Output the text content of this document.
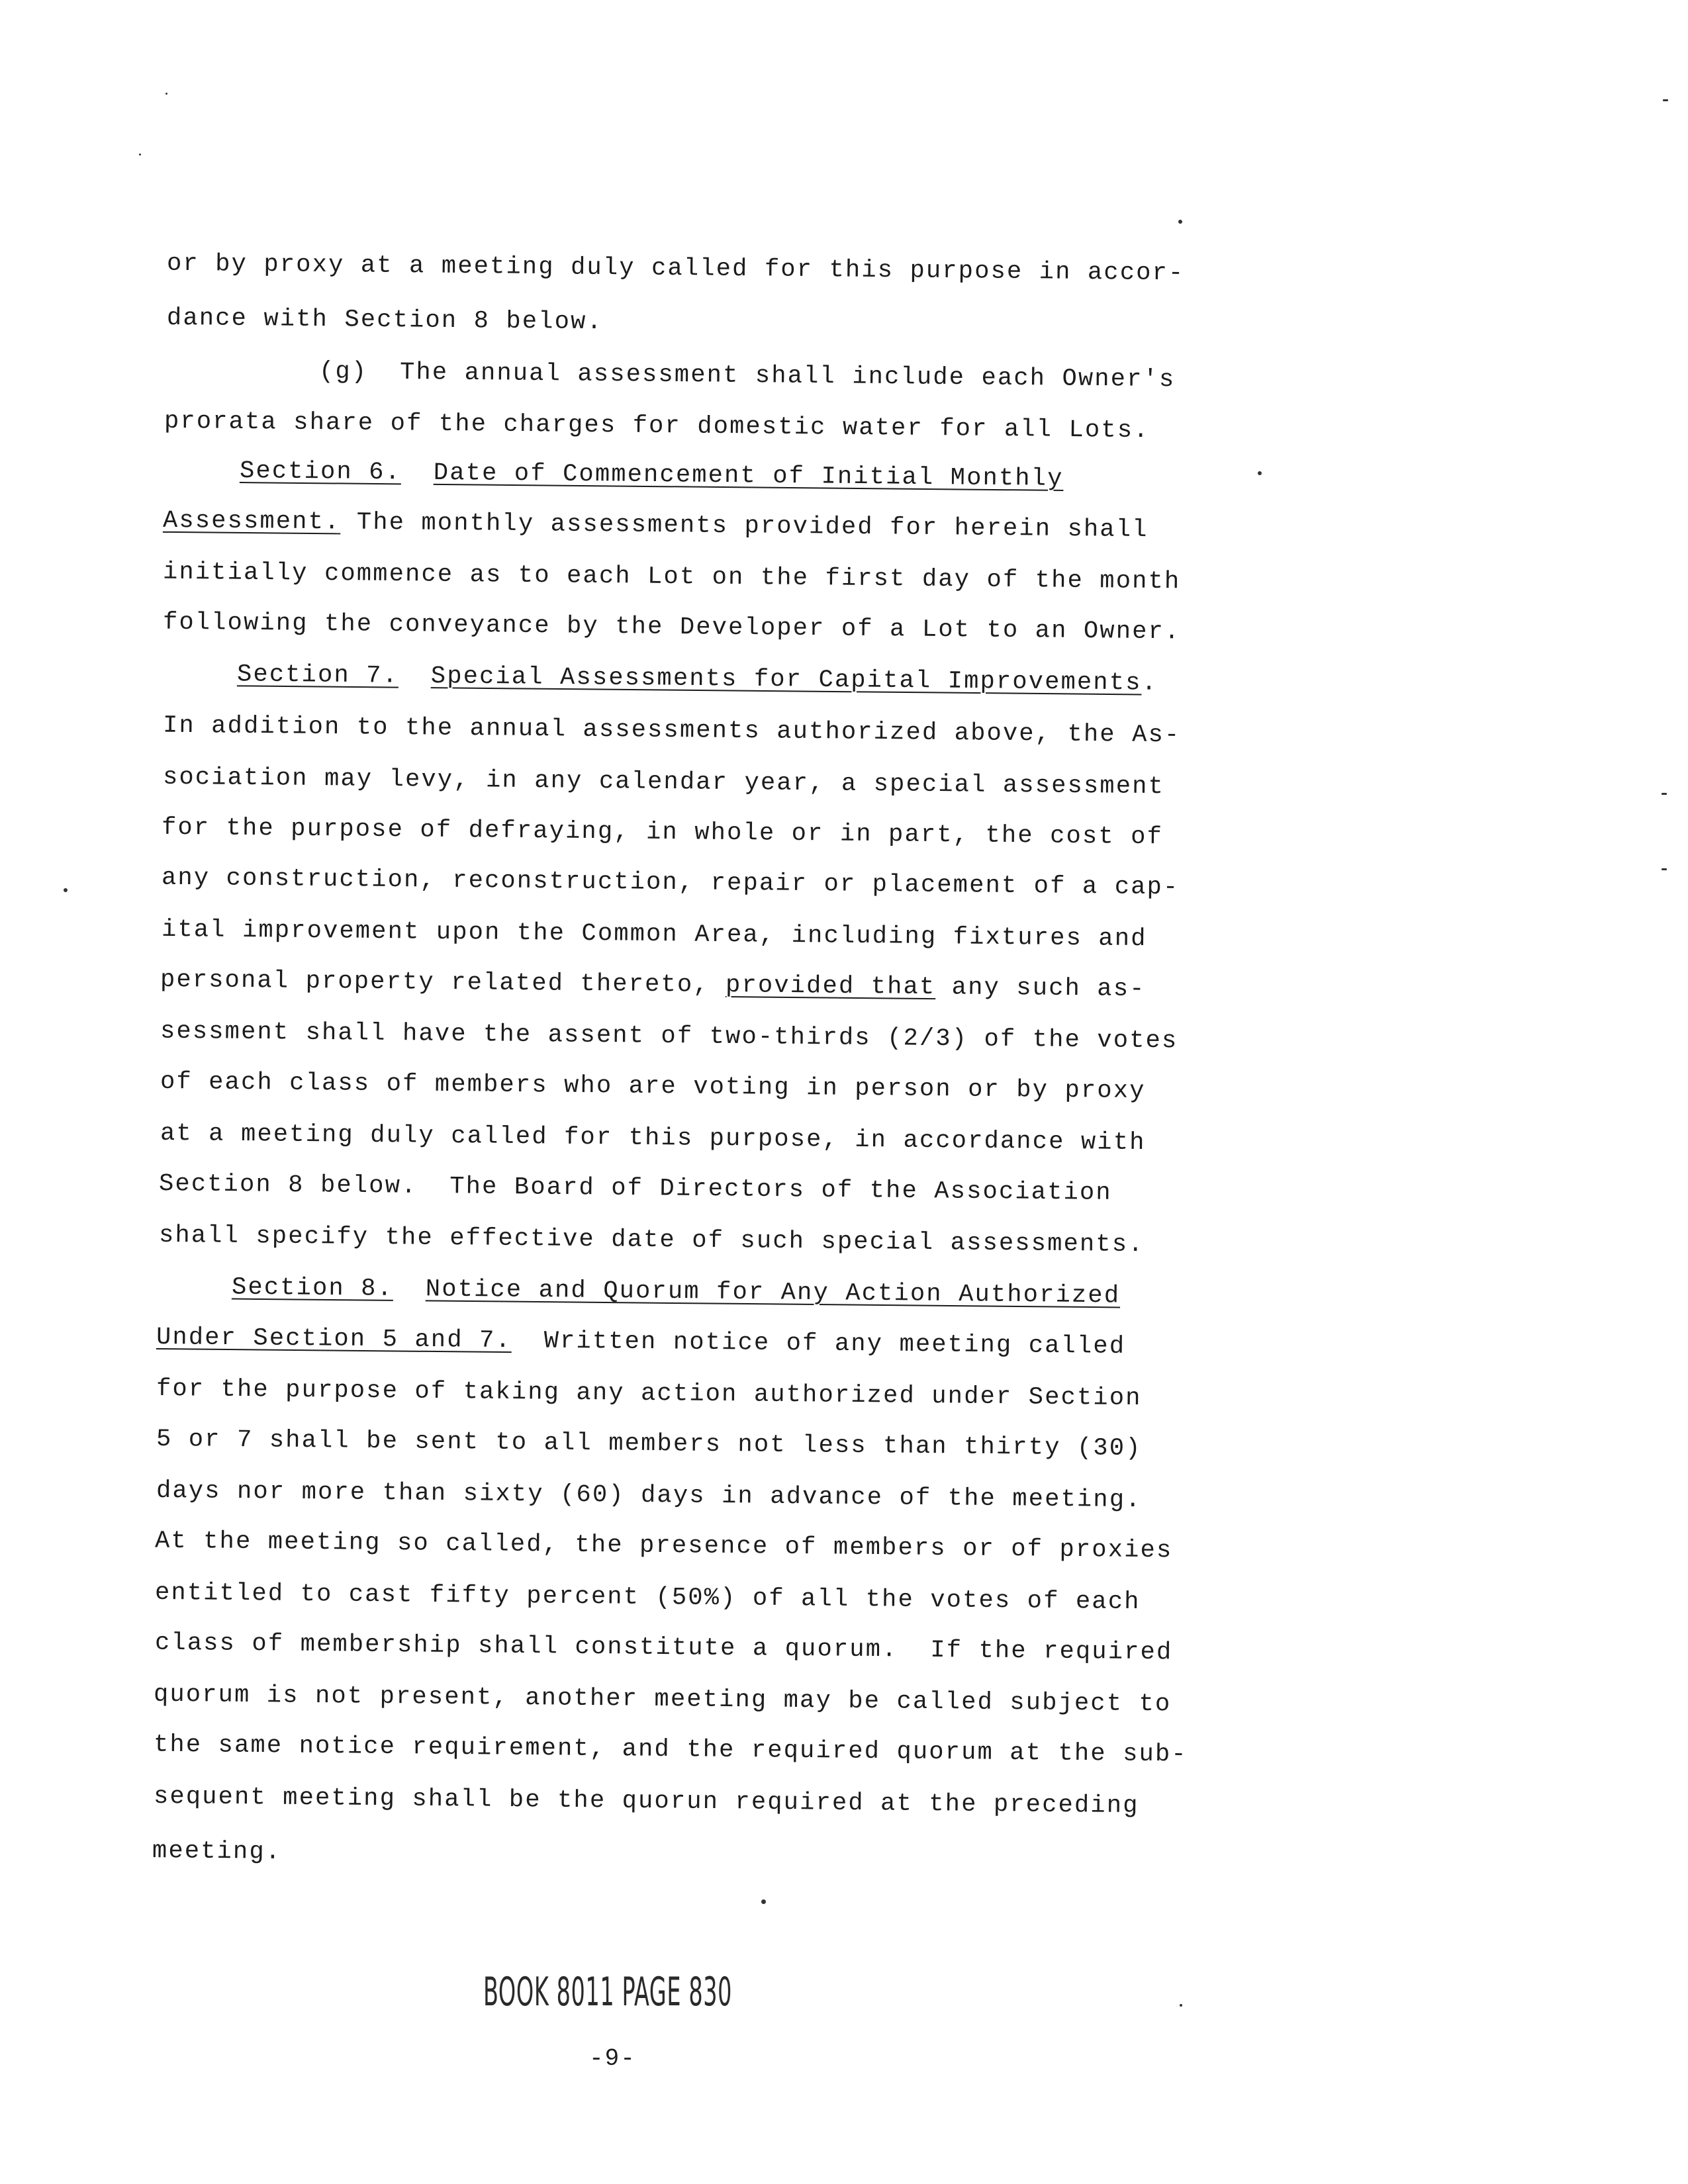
or by proxy at a meeting duly called for this purpose in accor-
dance with Section 8 below.
(g)  The annual assessment shall include each Owner's
prorata share of the charges for domestic water for all Lots.
Section 6. Date of Commencement of Initial Monthly
Assessment. The monthly assessments provided for herein shall
initially commence as to each Lot on the first day of the month
following the conveyance by the Developer of a Lot to an Owner.
Section 7. Special Assessments for Capital Improvements.
In addition to the annual assessments authorized above, the As-
sociation may levy, in any calendar year, a special assessment
for the purpose of defraying, in whole or in part, the cost of
any construction, reconstruction, repair or placement of a cap-
ital improvement upon the Common Area, including fixtures and
personal property related thereto, provided that any such as-
sessment shall have the assent of two-thirds (2/3) of the votes
of each class of members who are voting in person or by proxy
at a meeting duly called for this purpose, in accordance with
Section 8 below.  The Board of Directors of the Association
shall specify the effective date of such special assessments.
Section 8. Notice and Quorum for Any Action Authorized
Under Section 5 and 7.  Written notice of any meeting called
for the purpose of taking any action authorized under Section
5 or 7 shall be sent to all members not less than thirty (30)
days nor more than sixty (60) days in advance of the meeting.
At the meeting so called, the presence of members or of proxies
entitled to cast fifty percent (50%) of all the votes of each
class of membership shall constitute a quorum.  If the required
quorum is not present, another meeting may be called subject to
the same notice requirement, and the required quorum at the sub-
sequent meeting shall be the quorun required at the preceding
meeting.
BOOK 8011 PAGE 830
-9-
